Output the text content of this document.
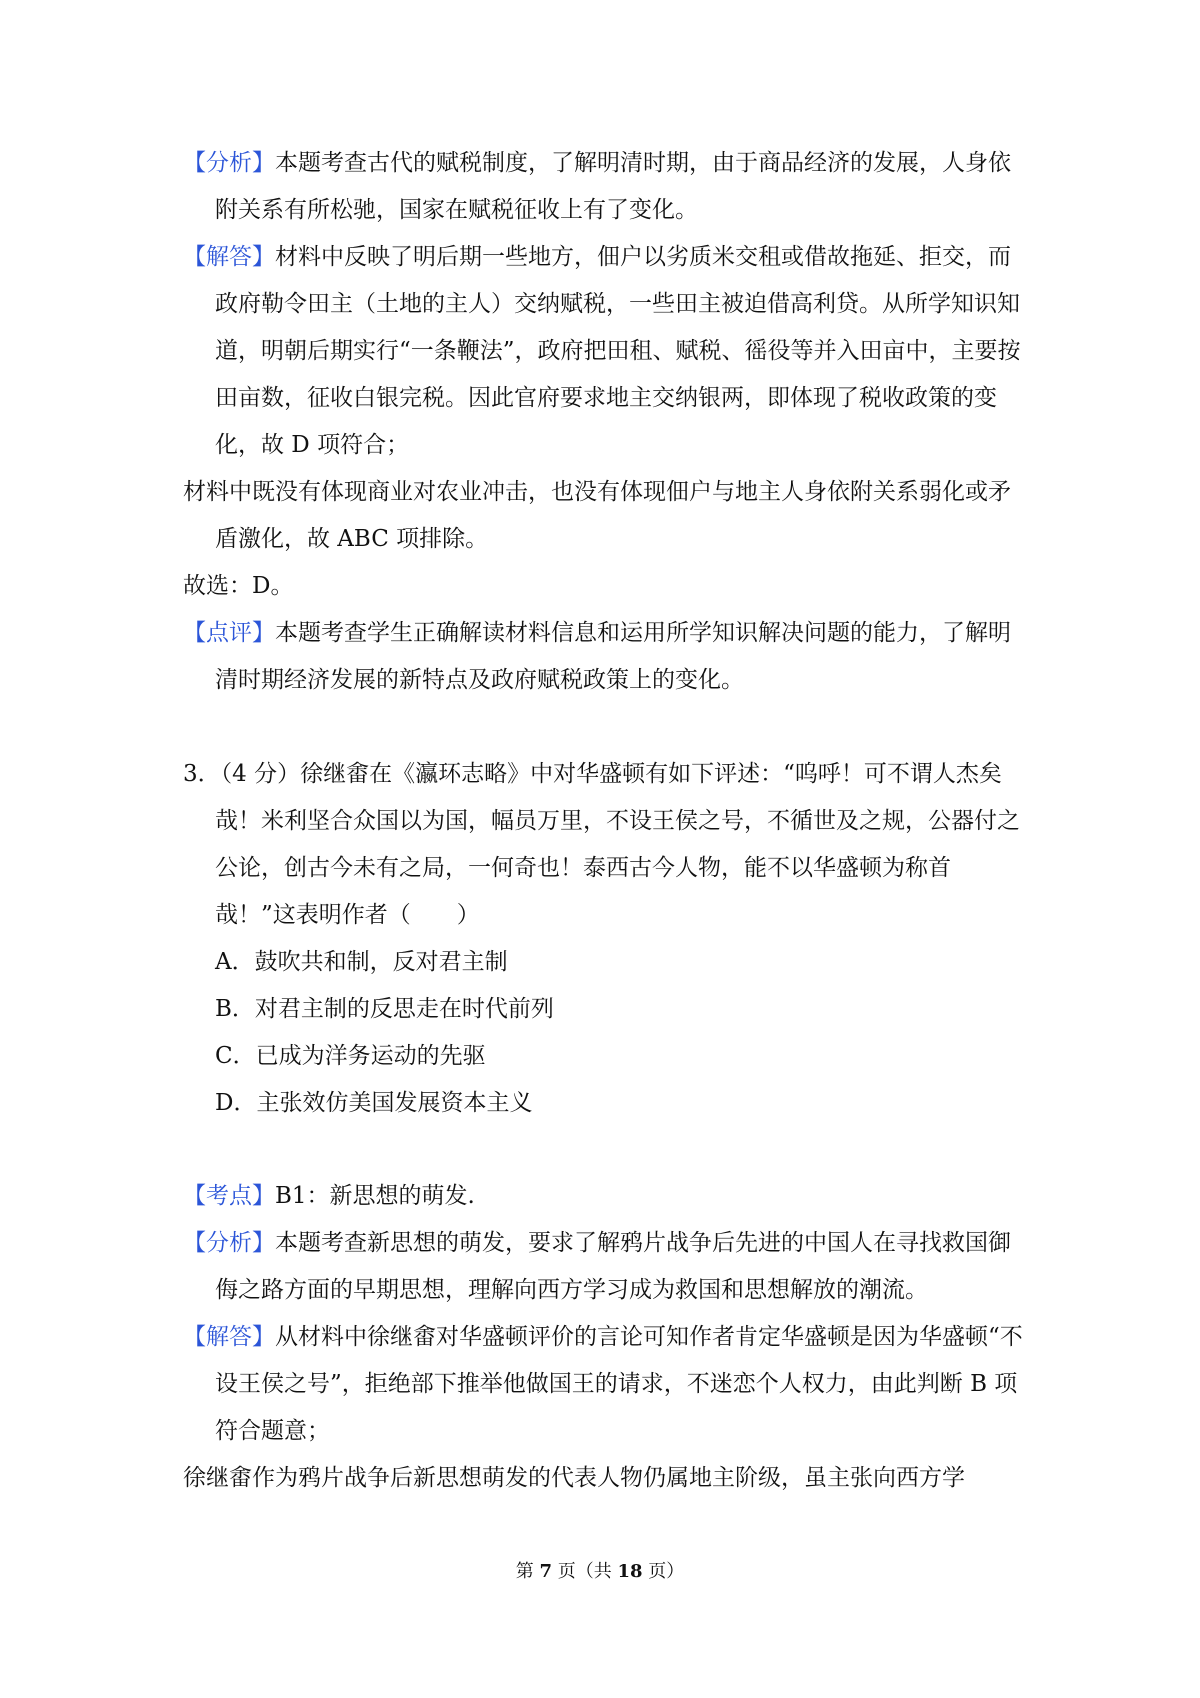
【分析】本题考查古代的赋税制度，了解明清时期，由于商品经济的发展，人身依附关系有所松驰，国家在赋税征收上有了变化。

【解答】材料中反映了明后期一些地方，佃户以劣质米交租或借故拖延、拒交，而政府勒令田主（土地的主人）交纳赋税，一些田主被迫借高利贷。从所学知识知道，明朝后期实行“一条鞭法”，政府把田租、赋税、徭役等并入田亩中，主要按田亩数，征收白银完税。因此官府要求地主交纳银两，即体现了税收政策的变化，故 D 项符合；

材料中既没有体现商业对农业冲击，也没有体现佃户与地主人身依附关系弱化或矛盾激化，故 ABC 项排除。

故选：D。

【点评】本题考查学生正确解读材料信息和运用所学知识解决问题的能力，了解明清时期经济发展的新特点及政府赋税政策上的变化。

3．（4 分）徐继畬在《瀛环志略》中对华盛顿有如下评述：“呜呼！可不谓人杰矣哉！米利坚合众国以为国，幅员万里，不设王侯之号，不循世及之规，公器付之公论，创古今未有之局，一何奇也！泰西古今人物，能不以华盛顿为称首哉！”这表明作者（　　）

A．鼓吹共和制，反对君主制

B．对君主制的反思走在时代前列

C．已成为洋务运动的先驱

D．主张效仿美国发展资本主义

【考点】B1：新思想的萌发.

【分析】本题考查新思想的萌发，要求了解鸦片战争后先进的中国人在寻找救国御侮之路方面的早期思想，理解向西方学习成为救国和思想解放的潮流。

【解答】从材料中徐继畬对华盛顿评价的言论可知作者肯定华盛顿是因为华盛顿“不设王侯之号”，拒绝部下推举他做国王的请求，不迷恋个人权力，由此判断 B 项符合题意；

徐继畬作为鸦片战争后新思想萌发的代表人物仍属地主阶级，虽主张向西方学

第 7 页（共 18 页）
